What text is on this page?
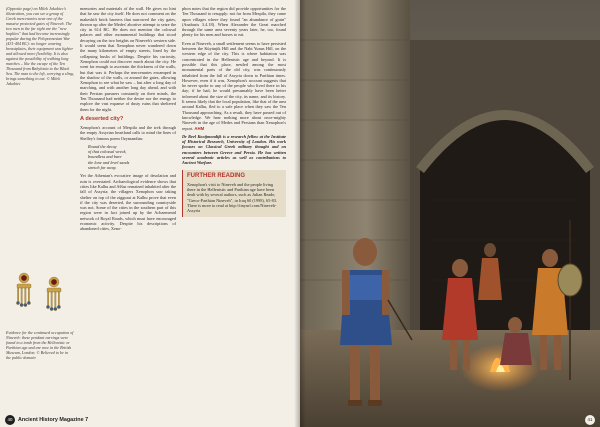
(Opposite page) on Milek Jakubiec's illustration, you can see a group of Greek mercenaries near one of the massive protected gates of Nineveh. The two men to the far right are the "new hoplites" that had become increasingly popular during the Peloponnesian War (431-404 BC): no longer wearing breastplates, their equipment was lighter and allowed more flexibility. It is also against the possibility of walking long marches – like the escape of the Ten Thousand from Babylonia to the Black Sea. The man to the left, carrying a sling, brings something to eat. © Milek Jakubiec
Evidence for the continued occupation of Nineveh: these pendant earrings were found in a tomb from the Hellenistic or Parthian age and are now in the British Museum, London. © Believed to be in the public domain

memories and materials of the wall. He gives no hint that he saw the city itself. He does not comment on the makeshift brick barriers that narrowed the city gates, thrown up after the Medes' abortive attempt to seize the city in 614 BC. He does not mention the colossal palaces and other monumental buildings that stood decaying on the two heights on Nineveh's western side. It would seem that Xenophon never wandered down the many kilometres of empty streets, lined by the collapsing husks of buildings. Despite his curiosity, Xenophon could not discover much about the city. He went far enough to ascertain the thickness of the walls, but that was it. Perhaps the mercenaries encamped in the shadow of the walls, or around the gates, allowing Xenophon to see what he saw – but after a long day of marching, and with another long day ahead, and with their Persian pursuers constantly on their minds, the Ten Thousand had neither the desire nor the energy to explore the vast expanse of dusty ruins that sheltered them for the night.

A deserted city?

Xenophon's account of Mespila and the trek through the empty Assyrian heartland calls to mind the lines of Shelley's famous poem Ozymandias:

Round the decay
of that colossal wreck,
boundless and bare
the lone and level sands
stretch far away.

Yet the Athenian's evocative image of desolation and ruin is overstated. Archaeological evidence shows that cities like Kalhu and Aššur remained inhabited after the fall of Assyria; the villagers Xenophon saw taking shelter on top of the ziggurat at Kalhu prove that even if the city was deserted, the surrounding countryside was not. Some of the cities in the southern part of this region were in fact joined up by the Achaemenid network of Royal Roads, which must have encouraged economic activity. Despite his descriptions of abandoned cities, Xeno-

phon notes that the region did provide opportunities for the Ten Thousand to resupply: not far from Mespila, they came upon villages where they found "an abundance of grain" (Anabasis 3.4.18). When Alexander the Great marched through the same area seventy years later, he, too, found plenty for his men and horses to eat.

Even at Nineveh, a small settlement seems to have persisted between the Küyünjik Hill and the Nabi Yunus Hill, on the western edge of the city. This is where habitation was concentrated in the Hellenistic age and beyond. It is possible that this place, nestled among the most monumental parts of the old city, was continuously inhabited from the fall of Assyria down to Parthian times. However, even if it was, Xenophon's account suggests that he never spoke to any of the people who lived there in his day; if he had, he would presumably have been better informed about the size of the city, its name, and its history. It seems likely that the local population, like that of the area around Kalhu, fled to a safe place when they saw the Ten Thousand approaching. As a result, they have passed out of knowledge. We hear nothing more about once-mighty Nineveh in the age of Medes and Persians than Xenophon's report. AHM

Dr Reel Kooijmondijk is a research fellow at the Institute of Historical Research, University of London. His work focuses on Classical Greek military thought and on encounters between Greece and Persia. He has written several academic articles as well as contributions to Ancient Warfare.
FURTHER READING
Xenophon's visit to Nineveh and the people living there in the Hellenistic and Parthian age have been dealt with by several authors, such as Julian Reade, "Greco-Parthian Nineveh", in Iraq 60 (1998), 65-83. There is more to read at http://tinyurl.com/Nineveh-Assyria
40	Ancient History Magazine 7	41
